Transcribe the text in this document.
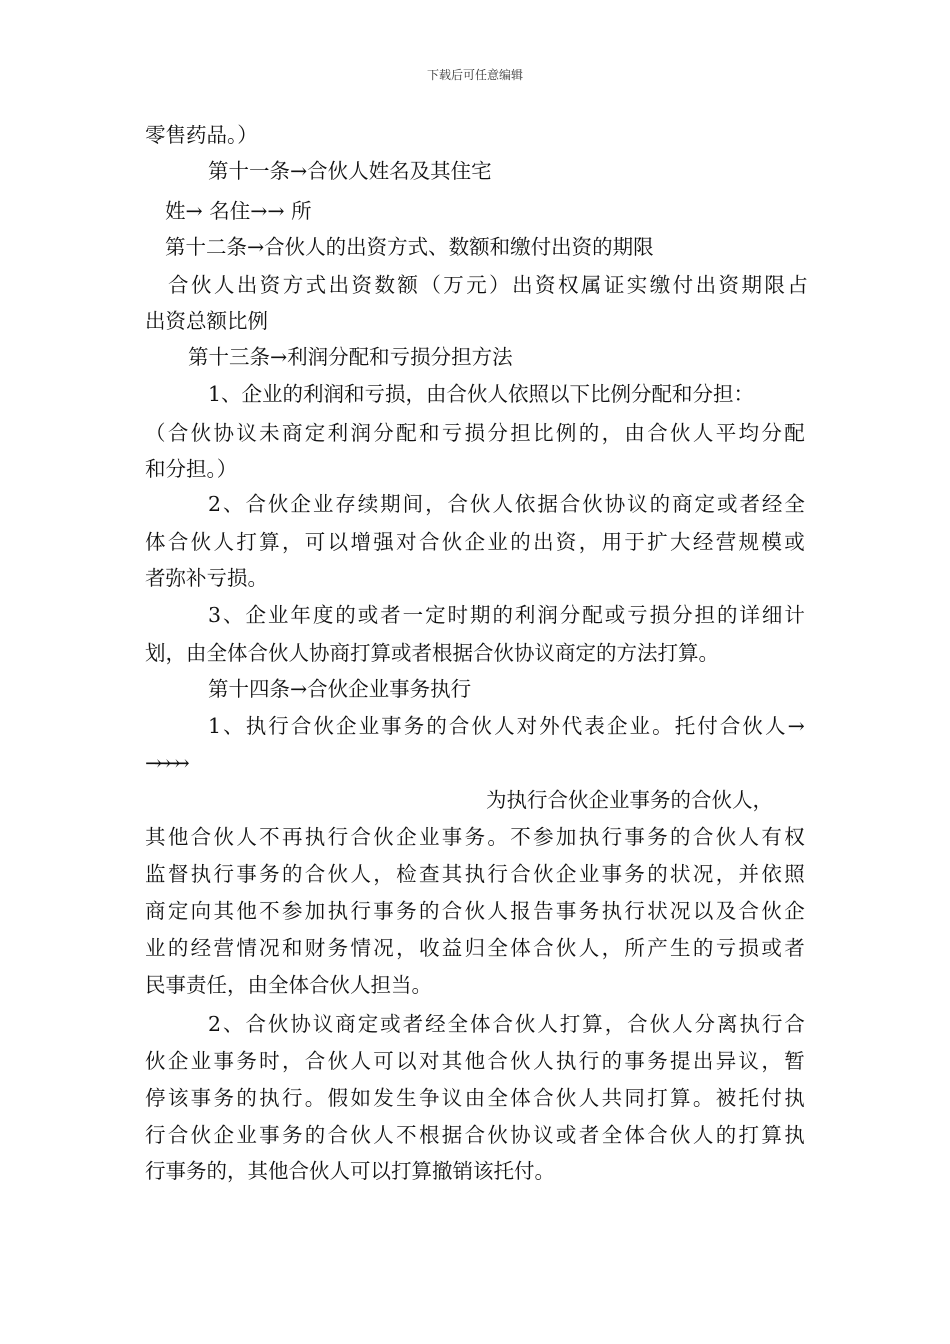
下载后可任意编辑
零售药品。）
第十一条→合伙人姓名及其住宅
姓→ 名住→→ 所
第十二条→合伙人的出资方式、数额和缴付出资的期限
合 伙 人 出 资 方 式 出 资 数 额 （ 万 元 ） 出 资 权 属 证 实 缴 付 出 资 期 限 占
出资总额比例
第十三条→利润分配和亏损分担方法
1、企业的利润和亏损，由合伙人依照以下比例分配和分担：
（ 合 伙 协 议 未 商 定 利 润 分 配 和 亏 损 分 担 比 例 的 ， 由 合 伙 人 平 均 分 配
和分担。）
2 、 合 伙 企 业 存 续 期 间 ， 合 伙 人 依 据 合 伙 协 议 的 商 定 或 者 经 全
体 合 伙 人 打 算 ， 可 以 增 强 对 合 伙 企 业 的 出 资 ， 用 于 扩 大 经 营 规 模 或
者弥补亏损。
3 、 企 业 年 度 的 或 者 一 定 时 期 的 利 润 分 配 或 亏 损 分 担 的 详 细 计
划，由全体合伙人协商打算或者根据合伙协议商定的方法打算。
第十四条→合伙企业事务执行
1 、 执 行 合 伙 企 业 事 务 的 合 伙 人 对 外 代 表 企 业 。 托 付 合 伙 人 →
→→→→
为执行合伙企业事务的合伙人，
其 他 合 伙 人 不 再 执 行 合 伙 企 业 事 务 。 不 参 加 执 行 事 务 的 合 伙 人 有 权
监 督 执 行 事 务 的 合 伙 人 ， 检 查 其 执 行 合 伙 企 业 事 务 的 状 况 ， 并 依 照
商 定 向 其 他 不 参 加 执 行 事 务 的 合 伙 人 报 告 事 务 执 行 状 况 以 及 合 伙 企
业 的 经 营 情 况 和 财 务 情 况 ， 收 益 归 全 体 合 伙 人 ， 所 产 生 的 亏 损 或 者
民事责任，由全体合伙人担当。
2 、 合 伙 协 议 商 定 或 者 经 全 体 合 伙 人 打 算 ， 合 伙 人 分 离 执 行 合
伙 企 业 事 务 时 ， 合 伙 人 可 以 对 其 他 合 伙 人 执 行 的 事 务 提 出 异 议 ， 暂
停 该 事 务 的 执 行 。 假 如 发 生 争 议 由 全 体 合 伙 人 共 同 打 算 。 被 托 付 执
行 合 伙 企 业 事 务 的 合 伙 人 不 根 据 合 伙 协 议 或 者 全 体 合 伙 人 的 打 算 执
行事务的，其他合伙人可以打算撤销该托付。
